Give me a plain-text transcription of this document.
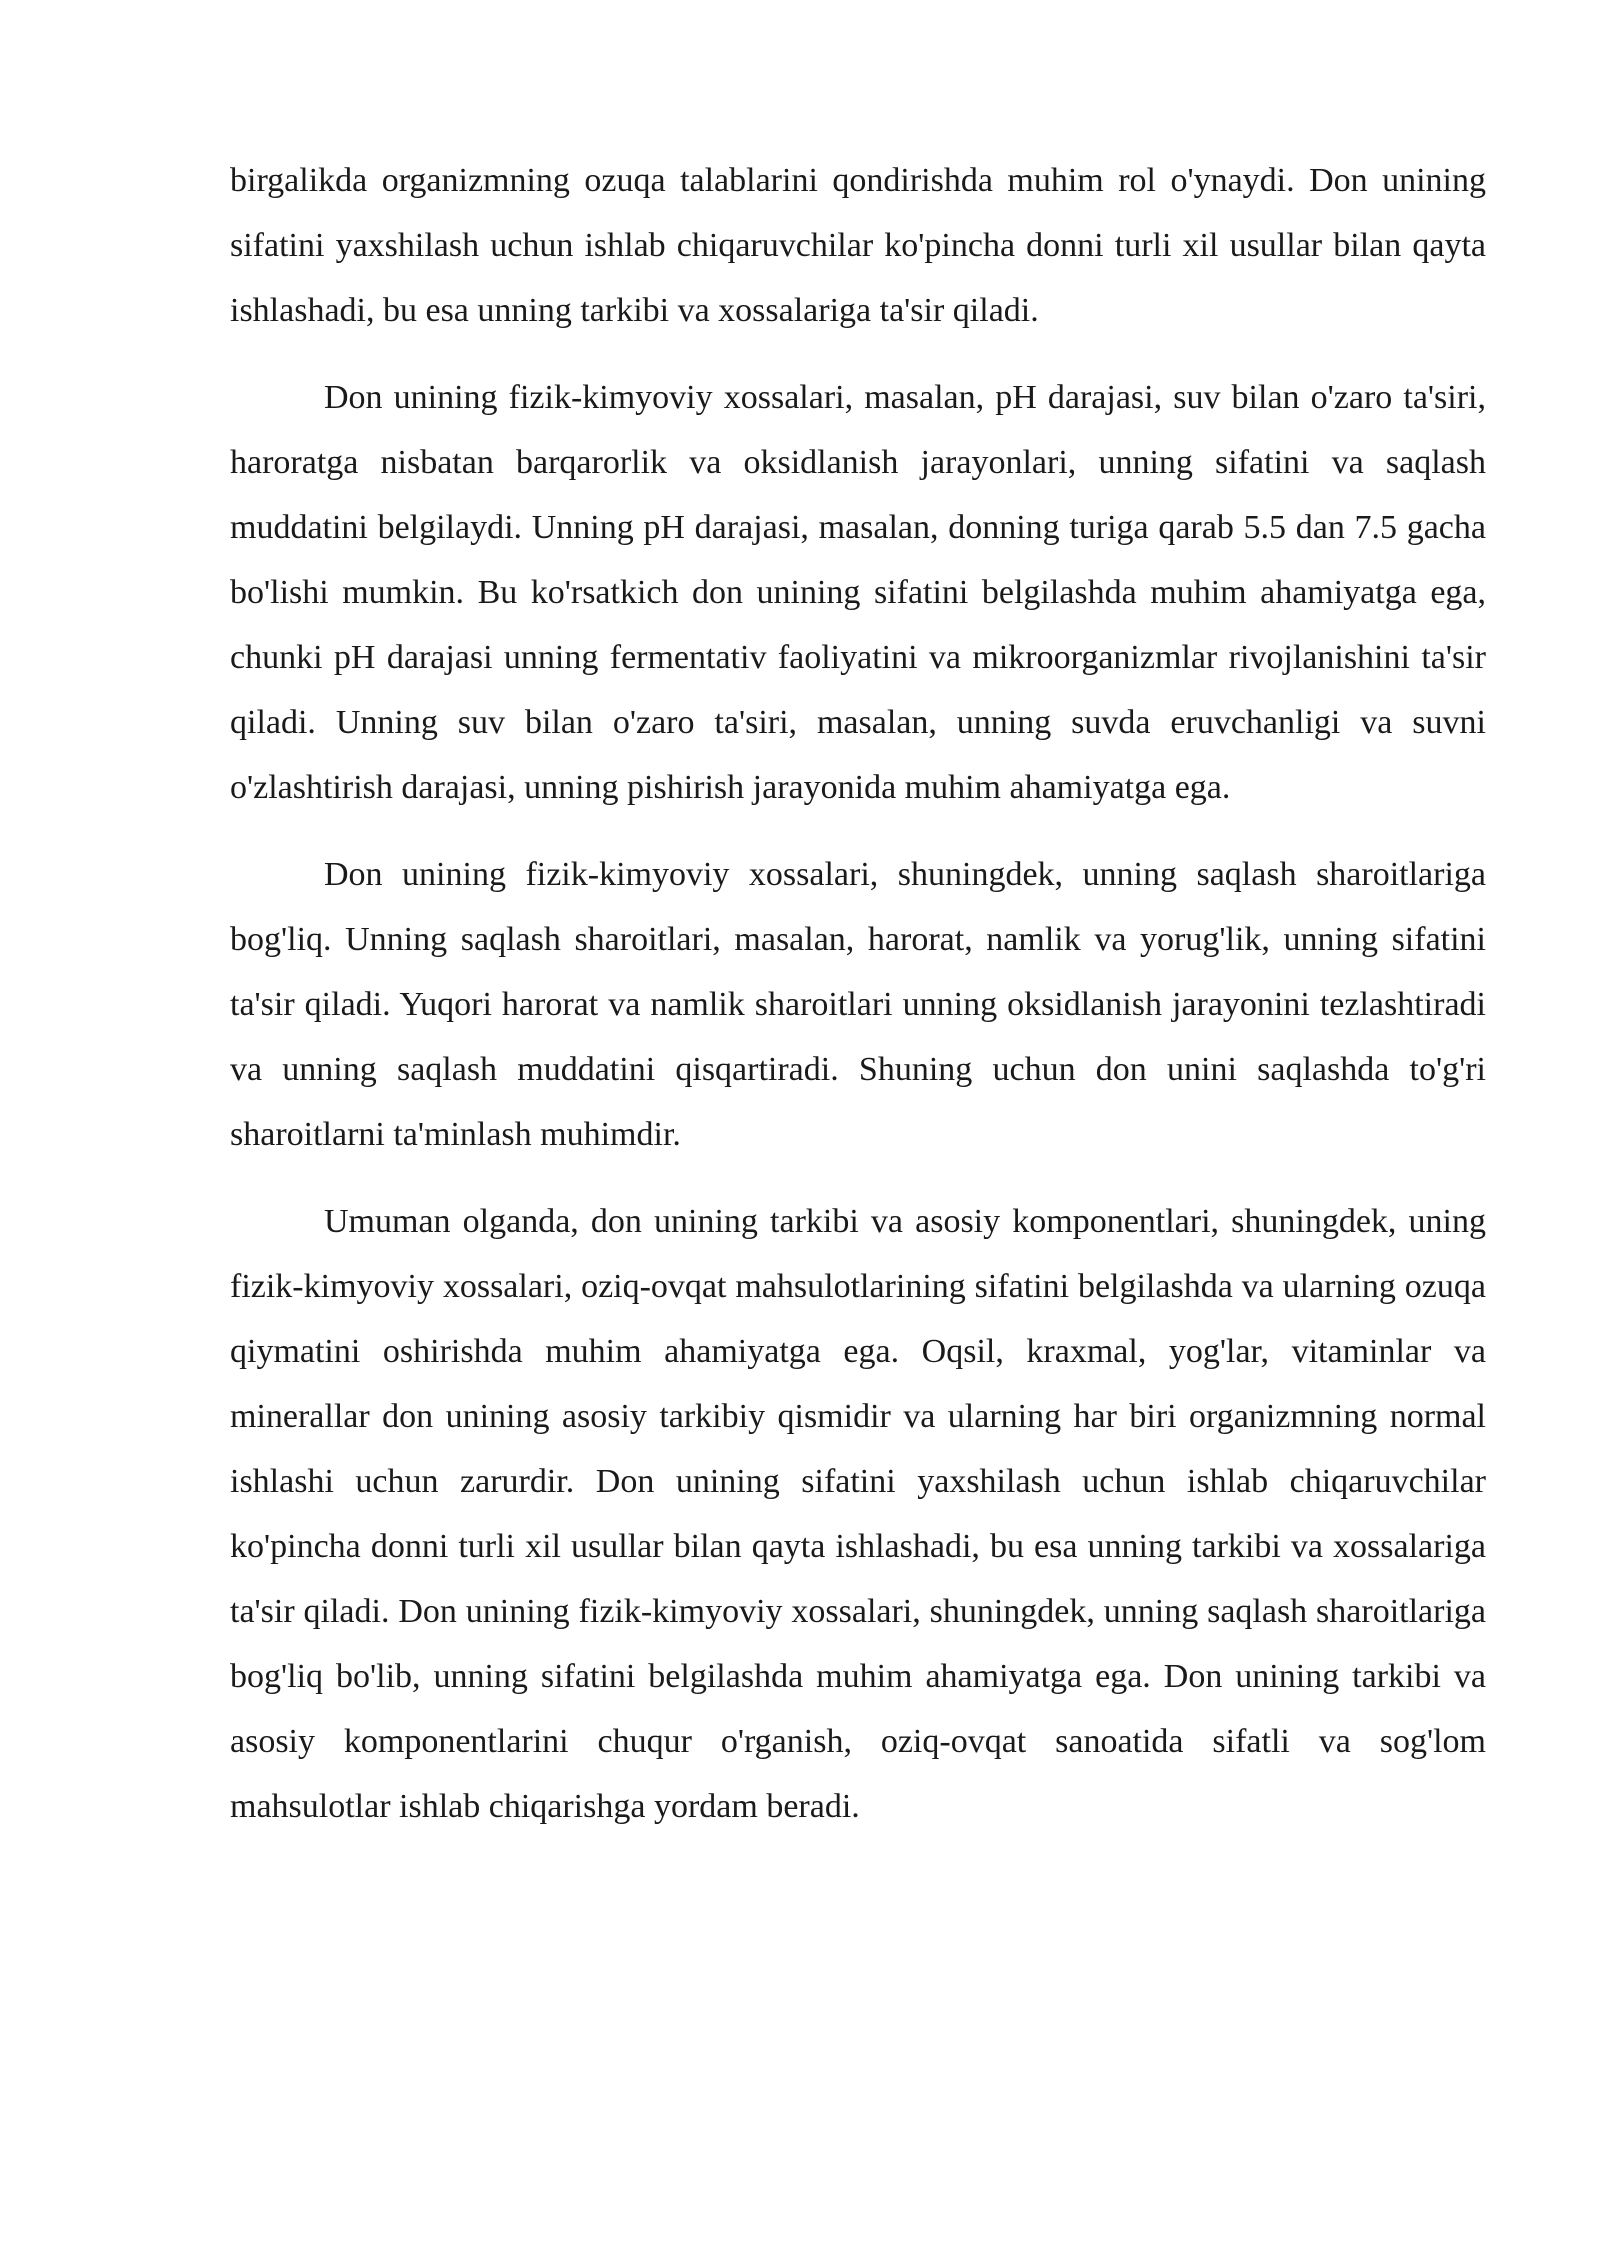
birgalikda organizmning ozuqa talablarini qondirishda muhim rol o'ynaydi. Don unining sifatini yaxshilash uchun ishlab chiqaruvchilar ko'pincha donni turli xil usullar bilan qayta ishlashadi, bu esa unning tarkibi va xossalariga ta'sir qiladi.

Don unining fizik-kimyoviy xossalari, masalan, pH darajasi, suv bilan o'zaro ta'siri, haroratga nisbatan barqarorlik va oksidlanish jarayonlari, unning sifatini va saqlash muddatini belgilaydi. Unning pH darajasi, masalan, donning turiga qarab 5.5 dan 7.5 gacha bo'lishi mumkin. Bu ko'rsatkich don unining sifatini belgilashda muhim ahamiyatga ega, chunki pH darajasi unning fermentativ faoliyatini va mikroorganizmlar rivojlanishini ta'sir qiladi. Unning suv bilan o'zaro ta'siri, masalan, unning suvda eruvchanligi va suvni o'zlashtirish darajasi, unning pishirish jarayonida muhim ahamiyatga ega.

Don unining fizik-kimyoviy xossalari, shuningdek, unning saqlash sharoitlariga bog'liq. Unning saqlash sharoitlari, masalan, harorat, namlik va yorug'lik, unning sifatini ta'sir qiladi. Yuqori harorat va namlik sharoitlari unning oksidlanish jarayonini tezlashtiradi va unning saqlash muddatini qisqartiradi. Shuning uchun don unini saqlashda to'g'ri sharoitlarni ta'minlash muhimdir.

Umuman olganda, don unining tarkibi va asosiy komponentlari, shuningdek, uning fizik-kimyoviy xossalari, oziq-ovqat mahsulotlarining sifatini belgilashda va ularning ozuqa qiymatini oshirishda muhim ahamiyatga ega. Oqsil, kraxmal, yog'lar, vitaminlar va minerallar don unining asosiy tarkibiy qismidir va ularning har biri organizmning normal ishlashi uchun zarurdir. Don unining sifatini yaxshilash uchun ishlab chiqaruvchilar ko'pincha donni turli xil usullar bilan qayta ishlashadi, bu esa unning tarkibi va xossalariga ta'sir qiladi. Don unining fizik-kimyoviy xossalari, shuningdek, unning saqlash sharoitlariga bog'liq bo'lib, unning sifatini belgilashda muhim ahamiyatga ega. Don unining tarkibi va asosiy komponentlarini chuqur o'rganish, oziq-ovqat sanoatida sifatli va sog'lom mahsulotlar ishlab chiqarishga yordam beradi.
